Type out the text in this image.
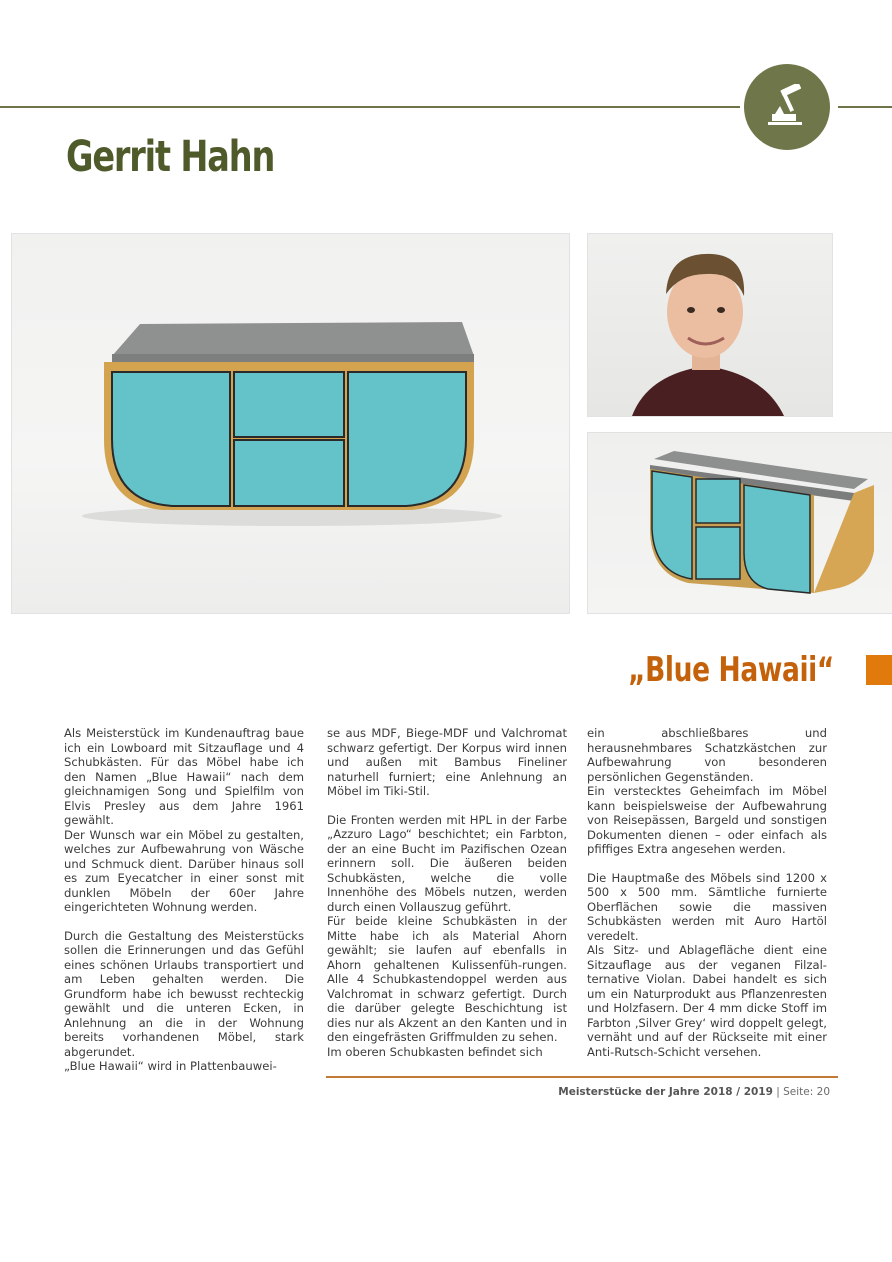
Gerrit Hahn
„Blue Hawaii“

Als Meisterstück im Kundenauftrag baue ich ein Lowboard mit Sitzauflage und 4 Schubkästen. Für das Möbel habe ich den Namen „Blue Hawaii“ nach dem gleichnamigen Song und Spielfilm von Elvis Presley aus dem Jahre 1961 gewählt.

Der Wunsch war ein Möbel zu gestalten, welches zur Aufbewahrung von Wäsche und Schmuck dient. Darüber hinaus soll es zum Eyecatcher in einer sonst mit dunklen Möbeln der 60er Jahre eingerichteten Wohnung werden.

Durch die Gestaltung des Meisterstücks sollen die Erinnerungen und das Gefühl eines schönen Urlaubs transportiert und am Leben gehalten werden. Die Grundform habe ich bewusst rechteckig gewählt und die unteren Ecken, in Anlehnung an die in der Wohnung bereits vorhandenen Möbel, stark abgerundet.

„Blue Hawaii“ wird in Plattenbauwei-

se aus MDF, Biege-MDF und Valchromat schwarz gefertigt. Der Korpus wird innen und außen mit Bambus Fineliner naturhell furniert; eine Anlehnung an Möbel im Tiki-Stil.

Die Fronten werden mit HPL in der Farbe „Azzuro Lago“ beschichtet; ein Farbton, der an eine Bucht im Pazifischen Ozean erinnern soll. Die äußeren beiden Schubkästen, welche die volle Innenhöhe des Möbels nutzen, werden durch einen Vollauszug geführt.

Für beide kleine Schubkästen in der Mitte habe ich als Material Ahorn gewählt; sie laufen auf ebenfalls in Ahorn gehaltenen Kulissenfüh-rungen. Alle 4 Schubkastendoppel werden aus Valchromat in schwarz gefertigt. Durch die darüber gelegte Beschichtung ist dies nur als Akzent an den Kanten und in den eingefrästen Griffmulden zu sehen.

Im oberen Schubkasten befindet sich

ein abschließbares und herausnehmbares Schatzkästchen zur Aufbewahrung von besonderen persönlichen Gegenständen.

Ein verstecktes Geheimfach im Möbel kann beispielsweise der Aufbewahrung von Reisepässen, Bargeld und sonstigen Dokumenten dienen – oder einfach als pfiffiges Extra angesehen werden.

Die Hauptmaße des Möbels sind 1200 x 500 x 500 mm. Sämtliche furnierte Oberflächen sowie die massiven Schubkästen werden mit Auro Hartöl veredelt.

Als Sitz- und Ablagefläche dient eine Sitzauflage aus der veganen Filzal-ternative Violan. Dabei handelt es sich um ein Naturprodukt aus Pflanzenresten und Holzfasern. Der 4 mm dicke Stoff im Farbton ‚Silver Grey‘ wird doppelt gelegt, vernäht und auf der Rückseite mit einer Anti-Rutsch-Schicht versehen.

Meisterstücke der Jahre 2018 / 2019 | Seite: 20
